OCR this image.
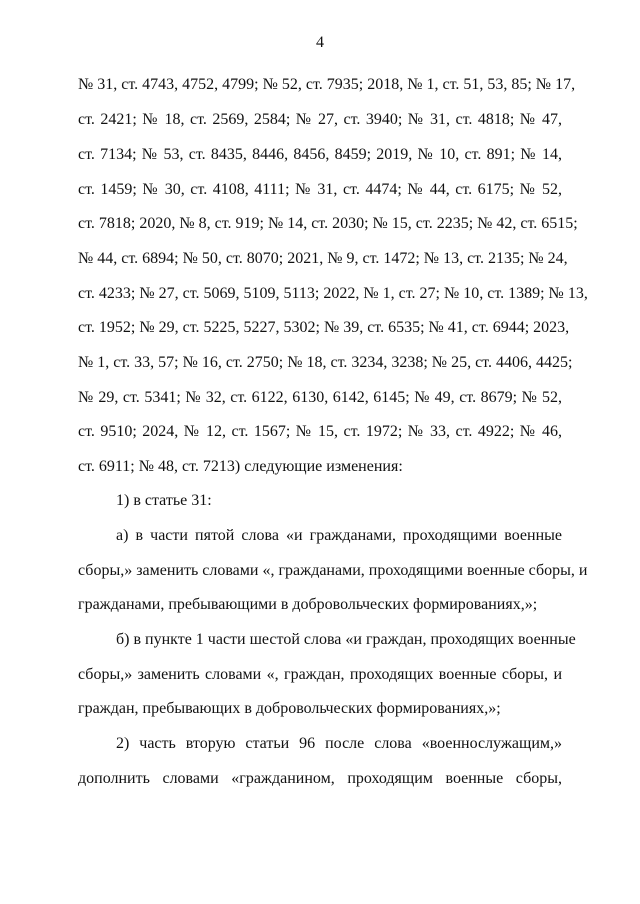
4
№ 31, ст. 4743, 4752, 4799; № 52, ст. 7935; 2018, № 1, ст. 51, 53, 85; № 17,
ст. 2421; № 18, ст. 2569, 2584; № 27, ст. 3940; № 31, ст. 4818; № 47,
ст. 7134; № 53, ст. 8435, 8446, 8456, 8459; 2019, № 10, ст. 891; № 14,
ст. 1459; № 30, ст. 4108, 4111; № 31, ст. 4474; № 44, ст. 6175; № 52,
ст. 7818; 2020, № 8, ст. 919; № 14, ст. 2030; № 15, ст. 2235; № 42, ст. 6515;
№ 44, ст. 6894; № 50, ст. 8070; 2021, № 9, ст. 1472; № 13, ст. 2135; № 24,
ст. 4233; № 27, ст. 5069, 5109, 5113; 2022, № 1, ст. 27; № 10, ст. 1389; № 13,
ст. 1952; № 29, ст. 5225, 5227, 5302; № 39, ст. 6535; № 41, ст. 6944; 2023,
№ 1, ст. 33, 57; № 16, ст. 2750; № 18, ст. 3234, 3238; № 25, ст. 4406, 4425;
№ 29, ст. 5341; № 32, ст. 6122, 6130, 6142, 6145; № 49, ст. 8679; № 52,
ст. 9510; 2024, № 12, ст. 1567; № 15, ст. 1972; № 33, ст. 4922; № 46,
ст. 6911; № 48, ст. 7213) следующие изменения:
1) в статье 31:
а) в части пятой слова «и гражданами, проходящими военные
сборы,» заменить словами «, гражданами, проходящими военные сборы, и
гражданами, пребывающими в добровольческих формированиях,»;
б) в пункте 1 части шестой слова «и граждан, проходящих военные
сборы,» заменить словами «, граждан, проходящих военные сборы, и
граждан, пребывающих в добровольческих формированиях,»;
2) часть вторую статьи 96 после слова «военнослужащим,»
дополнить словами «гражданином, проходящим военные сборы,
